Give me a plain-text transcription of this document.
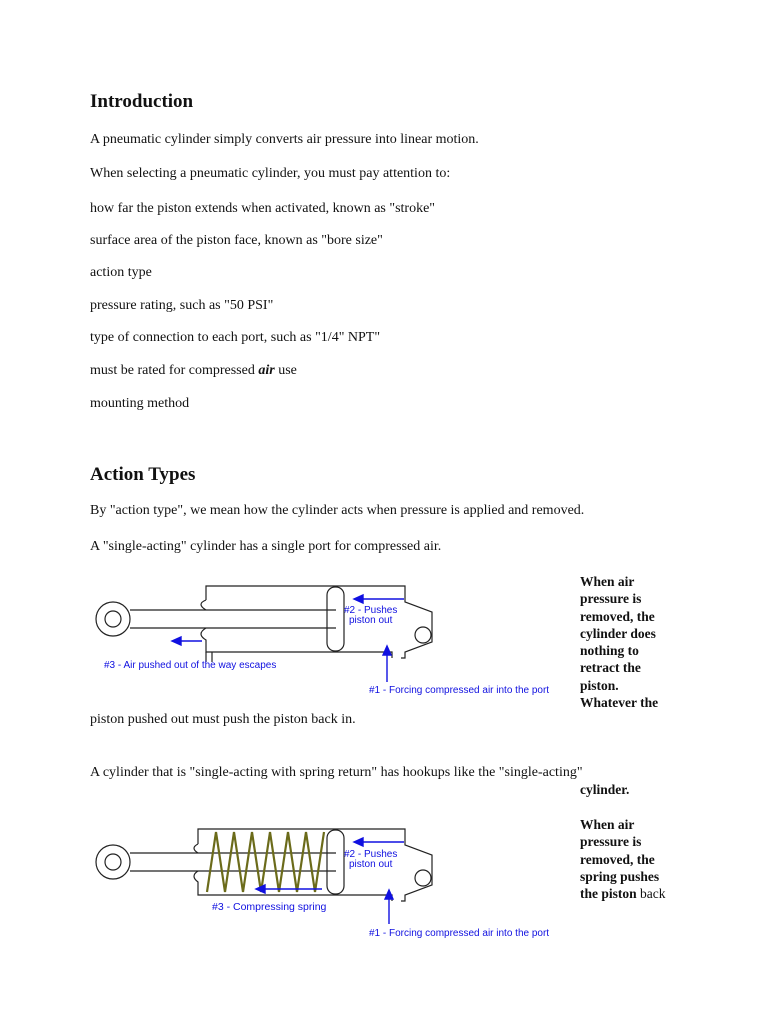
Introduction
A pneumatic cylinder simply converts air pressure into linear motion.
When selecting a pneumatic cylinder, you must pay attention to:
how far the piston extends when activated, known as "stroke"
surface area of the piston face, known as "bore size"
action type
pressure rating, such as "50 PSI"
type of connection to each port, such as "1/4" NPT"
must be rated for compressed air use
mounting method
Action Types
By "action type", we mean how the cylinder acts when pressure is applied and removed.
A "single-acting" cylinder has a single port for compressed air.
#2 - Pushes
piston out
#3 - Air pushed out of the way escapes
#1 - Forcing compressed air into the port
When air
pressure is
removed, the
cylinder does
nothing to
retract the
piston.
Whatever the
piston pushed out must push the piston back in.
A cylinder that is "single-acting with spring return" has hookups like the "single-acting"
cylinder.
#2 - Pushes
piston out
#3 - Compressing spring
#1 - Forcing compressed air into the port
When air
pressure is
removed, the
spring pushes
the piston back
